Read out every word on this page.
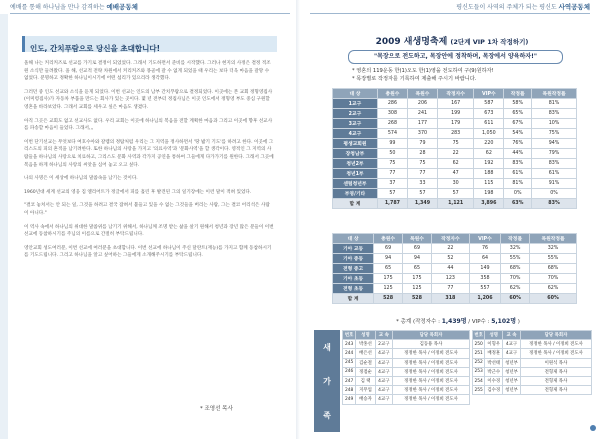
예배를 통해 하나님을 만나 감격하는 예배공동체
인도, 간치푸람으로 당신을 초대합니다!

올해 나는 커리커즈로 선교를 가기로 결정이 되었었다. 그래서 기도하면서 준비를 시작했다. 그러나 현지의 사정은 결정 적조원 소식만 들려왔다. 올 해, 선교적 전략 차원에서 커리커즈와 몽골에 갈 수 없게 되었을 때 우리는 보다 더욱 마음을 갈망 수 없었다. 분명하고 정확한 하나님이시기에 어떤 섭리가 있으리라 생각했다.

그러던 중 인도 선교와 소식을 듣게 되었다. 이번 선교는 인도의 남부 간치푸람으로 결정되었다. 이곳에는 본 교회 정형영집사(이미령집사)가 자동차 부품을 만드는 회사가 있는 곳이다. 몇 년 전부터 정집사님은 이곳 인도에서 정형영 부도 중심 구원할 영혼을 바라보았다. 그래서 교회를 세우고 싶은 마음도 생겼다.

아직 그곳은 교회도 없고 선교사도 없다. 우리 교회는 이곳에 하나님의 복음을 전할 계획한 마음과 그리고 이곳에 향후 선교사를 파송할 마음이 들었다. 그래서,,,

이번 단기선교는 무엇보다 여호수아와 갈렙의 정탐처럼 우리는 그 지역을 정사하면서 '땅 밟기 기도'를 하려고 한다. 이곳에 그리스도의 피의 흔적을 남기려한다. 또한 하나님의 사랑을 가지고 '의료사역'과 '문화사역'을 할 생각이다. 영적인 그 지역의 사람들을 하나님의 사랑으로 치료하고, 그리스도 문화 사역과 각가지 공연을 통하여 그들에게 다가가기를 원한다. 그래서 그곳에 복음을 하게 하나님의 사랑의 씨앗을 심어 놓고 오고 싶다.

나의 사명은 이 세상에 하나님의 말씀속을 남기는 것이다.

1960년대 세계 선교의 영웅 짐 엘리어트가 정글에서 피를 흘린 후 발견된 그의 일기장에는 이런 말이 적혀 있었다.

"결코 놓쳐서는 안 되는 일, 그것을 하려고 결국 잡혀서 불들고 있을 수 없는 그것들을 버리는 사람, 그는 결코 어리석은 사람이 아니다."

이 역사 속에서 하나님의 위대한 말씀위를 남기기 위해서, 하나님께 조명 받는 삶을 살기 원해서 청년과 장년 많은 분들이 이번 선교에 동참하시기를 주님의 이름으로 간절히 부탁드립니다.

영안교회 성도여러분, 이번 선교에 여러분을 초대합니다. 이번 선교에 하나님이 주신 달란트(재능)를 가지고 함께 동참하시기를 기도드립니다. 그리고 하나님을 알고 싶어하는 그들에게 소개해주시기를 부탁드립니다.

* 조영선 목사
평신도들이 사역의 주체가 되는 평신도 사역공동체
2009 새생명축제 (2단계 VIP 1차 작정하기)
"목장으로 전도하고, 목장안에 정착하며, 목장에서 양육하자!"
* 영혼의 119운동 한(1)오도 한(1)영을 전도하여 구(9)원하자!
* 목장별로 작정자를 기록하여 제출해 주시기 바랍니다.
대 상	총원수	목원수	작정자수	VIP수	작정률	목원작정률
1교구	286	206	167	587	58%	81%
2교구	308	241	199	673	65%	83%
3교구	268	177	179	611	67%	10%
4교구	574	370	283	1,050	54%	75%
평생교회원	99	79	75	220	76%	94%
장청남부	50	28	22	62	44%	79%
청년2부	75	75	62	192	83%	83%
청년1부	77	77	47	188	61%	61%
센텀청년부	37	33	30	115	81%	91%
부영/기타	57	57	57	198	0%	0%
합 계	1,787	1,349	1,121	3,896	63%	83%
대 상	총원수	목원수	작정자수	VIP수	작정률	목원작정률
기아 교동	69	69	22	76	32%	32%
기아 중동	94	94	52	64	55%	55%
전형 중고	65	65	44	149	68%	68%
기아 초동	175	175	123	358	70%	70%
전형 초동	125	125	77	557	62%	62%
합 계	528	528	318	1,206	60%	60%
* 총계 (작정자수 : 1,439명 / VIP수 : 5,102명 )
새
가
족
번호	성명	교 속	담당 목회자
243	박홍선	2교구	김동용 목사
244	배은선	4교구	정정한 목사 / 이정희 전도사
245	김순철	4교구	정정한 목사 / 이정희 전도사
246	정점순	4교구	정정한 목사 / 이정희 전도사
247	김 택	4교구	정정한 목사 / 이정희 전도사
248	지무업	4교구	정정한 목사 / 이정희 전도사
249	배승자	4교구	정정한 목사 / 이정희 전도사
번호	성명	교 속	담당 목회자
250	이형우	4교구	정정한 목사 / 이정희 전도사
251	배정훈	4교구	정정한 목사 / 이정희 전도사
252	박선태	청년부	이원석 목사
253	박근수	청년부	전형제 목사
254	이수경	청년부	전형제 목사
255	김수경	청년부	전형제 목사
